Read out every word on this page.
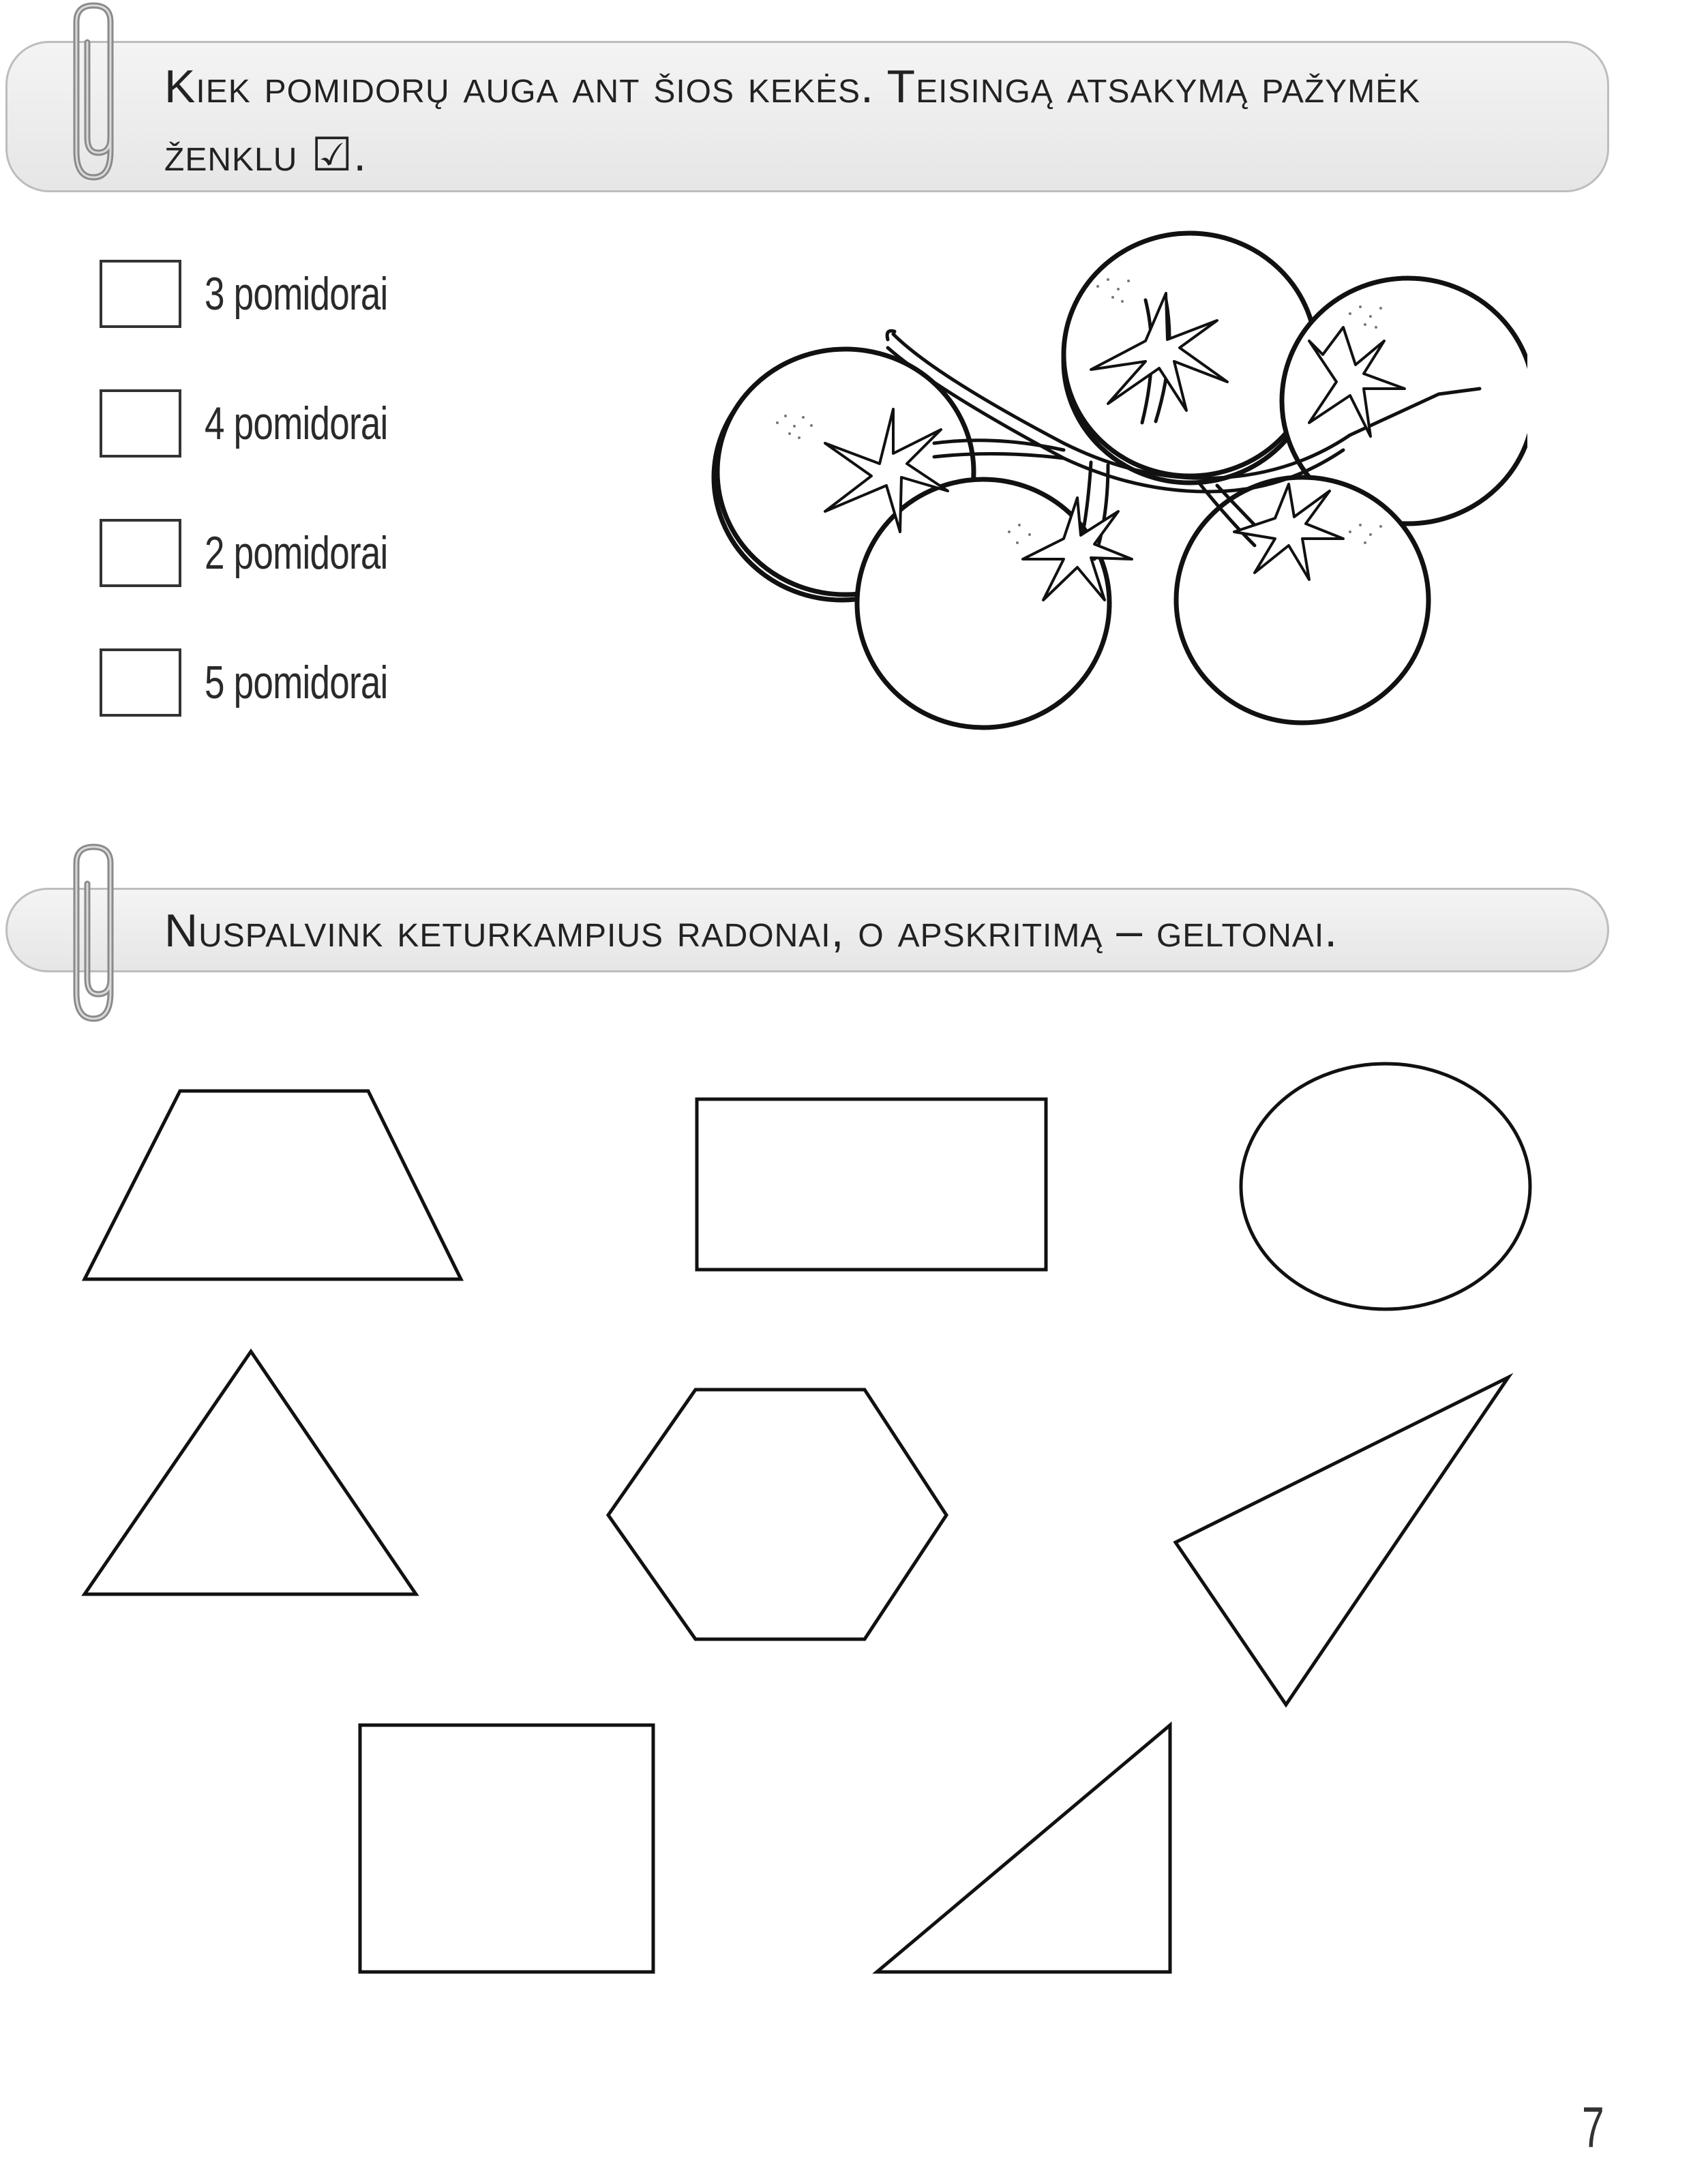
Kiek pomidorų auga ant šios kekės. Teisingą atsakymą pažymėk ženklu ☑.

3 pomidorai
4 pomidorai
2 pomidorai
5 pomidorai

Nuspalvink keturkampius radonai, o apskritimą – geltonai.

7
